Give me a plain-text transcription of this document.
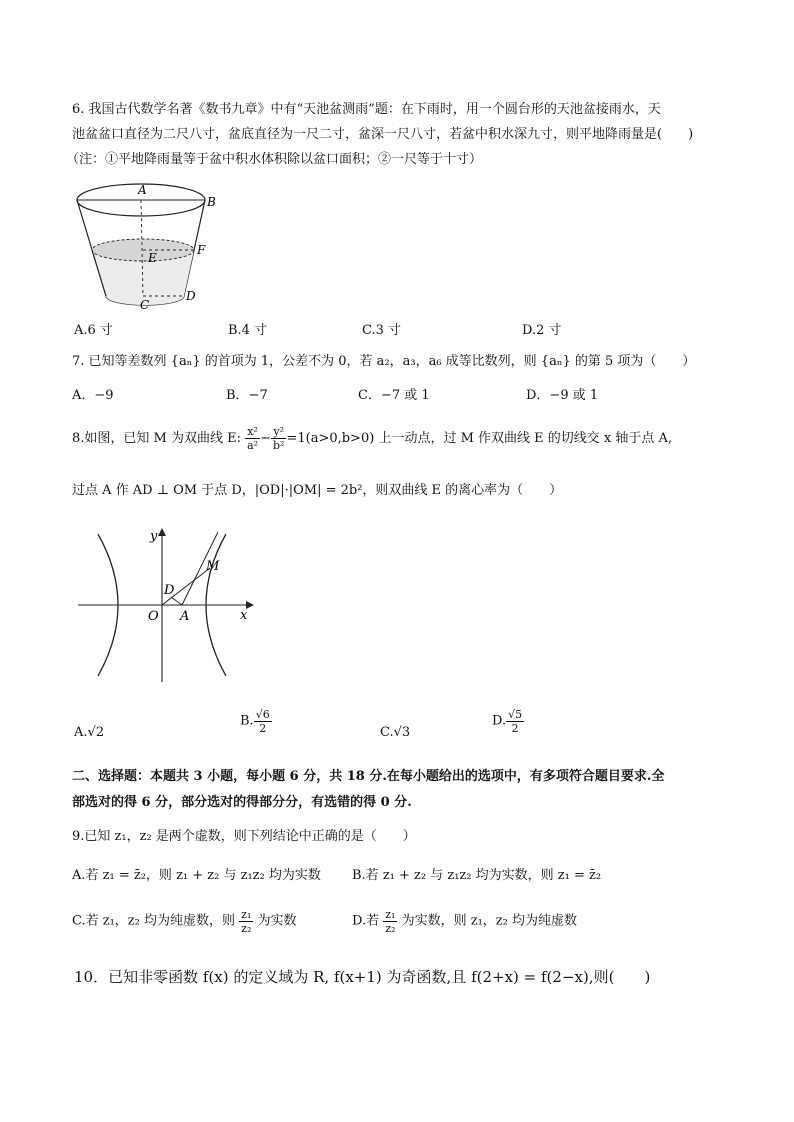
6. 我国古代数学名著《数书九章》中有“天池盆测雨”题：在下雨时，用一个圆台形的天池盆接雨水，天
池盆盆口直径为二尺八寸，盆底直径为一尺二寸，盆深一尺八寸，若盆中积水深九寸，则平地降雨量是(　　)
（注：①平地降雨量等于盆中积水体积除以盆口面积；②一尺等于十寸）
A
B
E
F
C
D
A.6 寸	B.4 寸	C.3 寸	D.2 寸
7. 已知等差数列 {aₙ} 的首项为 1，公差不为 0，若 a₂，a₃，a₆ 成等比数列，则 {aₙ} 的第 5 项为（　　）
A．−9	B．−7	C．−7 或 1	D．−9 或 1
8.如图，已知 M 为双曲线 E: $\frac{\text{x²}}{\text{a²}} - \frac{\text{y²}}{\text{b²}} =1(a>0,b>0)$ 上一动点，过 M 作双曲线 E 的切线交 x 轴于点 A,
过点 A 作 AD ⊥ OM 于点 D，|OD|·|OM| = 2b²，则双曲线 E 的离心率为（　　）
y
x
O
M
D
A
A.√2
B. $\frac{√6}{2}$	C.√3
D. $\frac{√5}{2}$
二、选择题：本题共 3 小题，每小题 6 分，共 18 分.在每小题给出的选项中，有多项符合题目要求.全
部选对的得 6 分，部分选对的得部分分，有选错的得 0 分.
9.已知 z₁，z₂ 是两个虚数，则下列结论中正确的是（　　）
A.若 z₁ = z̄₂，则 z₁ + z₂ 与 z₁z₂ 均为实数 B.若 z₁ + z₂ 与 z₁z₂ 均为实数，则 z₁ = z̄₂
C.若 z₁，z₂ 均为纯虚数，则 $\frac{\text{z₁}}{\text{z₂}}$ 为实数	D.若 $\frac{\text{z₁}}{\text{z₂}}$ 为实数，则 z₁，z₂ 均为纯虚数
10．已知非零函数 f(x) 的定义域为 R, f(x+1) 为奇函数,且 f(2+x) = f(2−x),则(　　)
